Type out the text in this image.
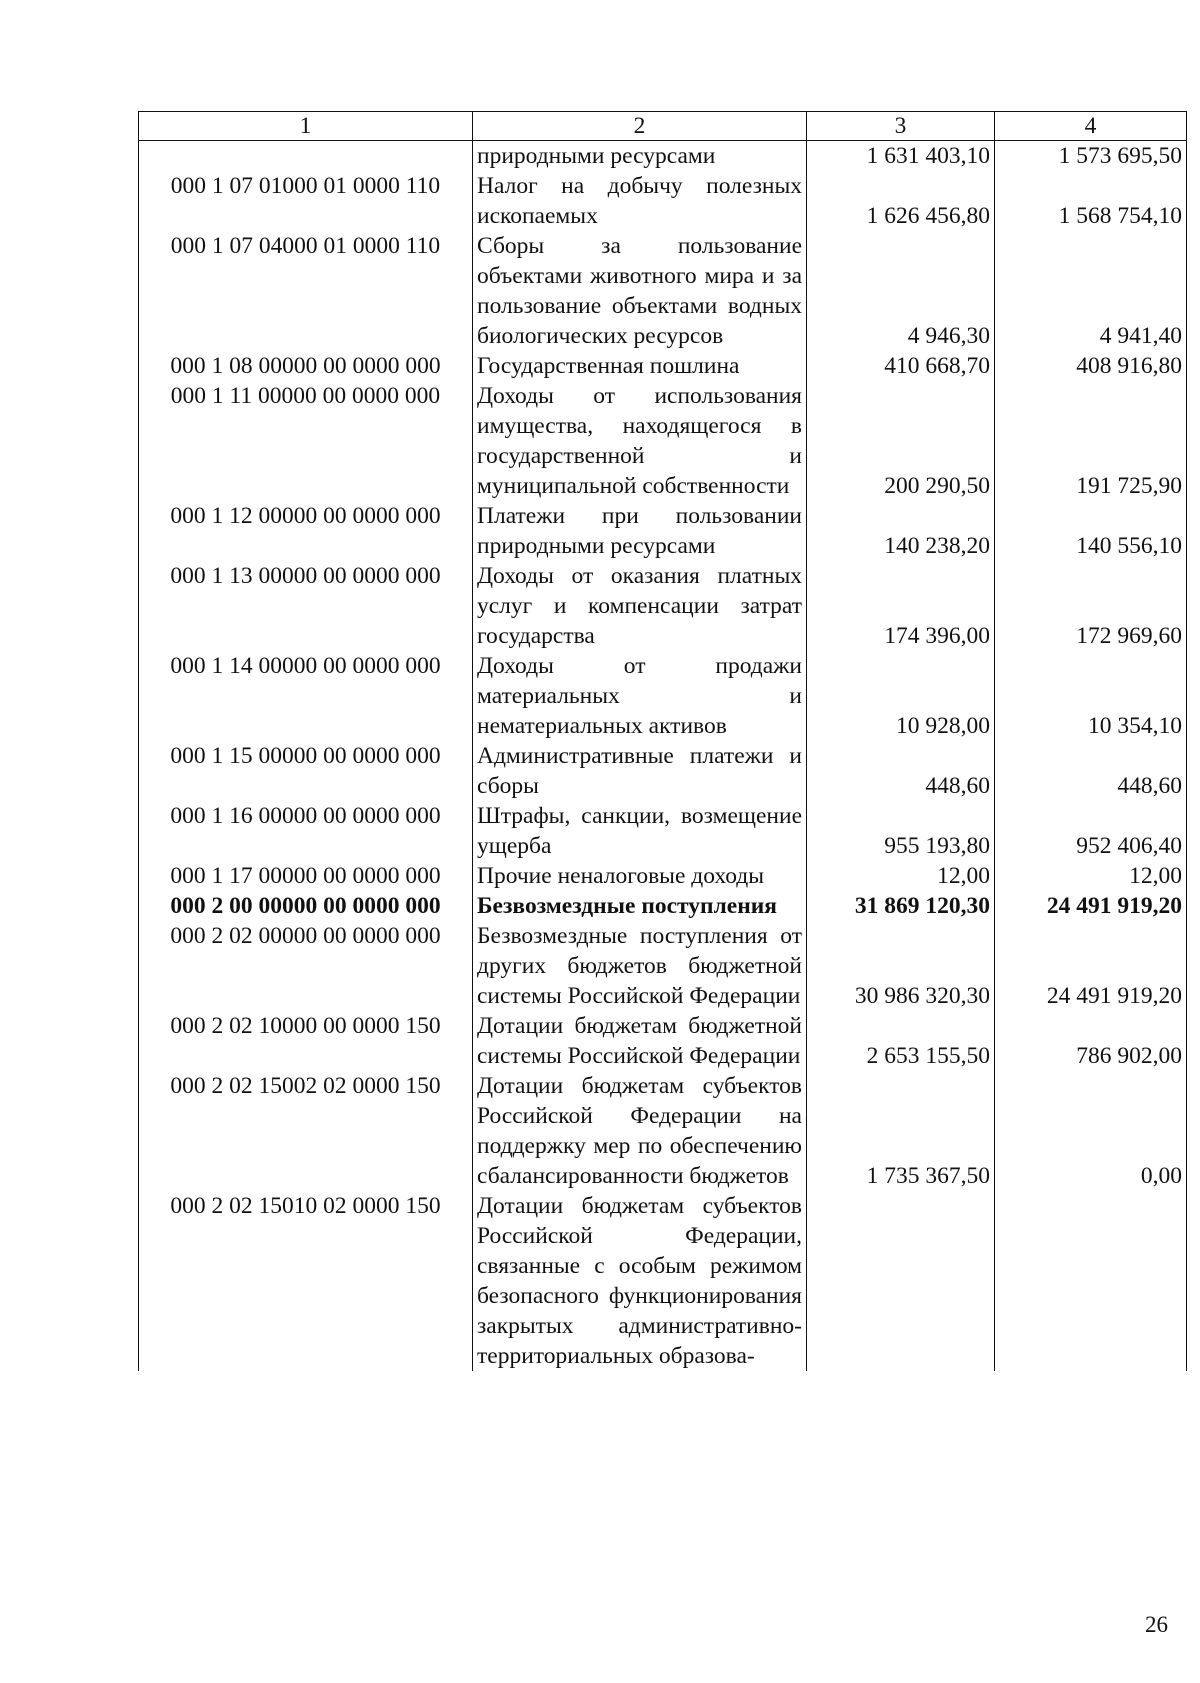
1	2	3	4
	природными ресурсами	1 631 403,10	1 573 695,50
000 1 07 01000 01 0000 110	Налог на добычу полезных ископаемых	1 626 456,80	1 568 754,10
000 1 07 04000 01 0000 110	Сборы за пользование объектами животного мира и за пользование объектами водных биологических ресурсов	4 946,30	4 941,40
000 1 08 00000 00 0000 000	Государственная пошлина	410 668,70	408 916,80
000 1 11 00000 00 0000 000	Доходы от использования имущества, находящегося в государственной и муниципальной собственности	200 290,50	191 725,90
000 1 12 00000 00 0000 000	Платежи при пользовании природными ресурсами	140 238,20	140 556,10
000 1 13 00000 00 0000 000	Доходы от оказания платных услуг и компенсации затрат государства	174 396,00	172 969,60
000 1 14 00000 00 0000 000	Доходы от продажи материальных и нематериальных активов	10 928,00	10 354,10
000 1 15 00000 00 0000 000	Административные платежи и сборы	448,60	448,60
000 1 16 00000 00 0000 000	Штрафы, санкции, возмещение ущерба	955 193,80	952 406,40
000 1 17 00000 00 0000 000	Прочие неналоговые доходы	12,00	12,00
000 2 00 00000 00 0000 000	Безвозмездные поступления	31 869 120,30	24 491 919,20
000 2 02 00000 00 0000 000	Безвозмездные поступления от других бюджетов бюджетной системы Российской Федерации	30 986 320,30	24 491 919,20
000 2 02 10000 00 0000 150	Дотации бюджетам бюджетной системы Российской Федерации	2 653 155,50	786 902,00
000 2 02 15002 02 0000 150	Дотации бюджетам субъектов Российской Федерации на поддержку мер по обеспечению сбалансированности бюджетов	1 735 367,50	0,00
000 2 02 15010 02 0000 150	Дотации бюджетам субъектов Российской Федерации, связанные с особым режимом безопасного функционирования закрытых административно-территориальных образова-		
26
